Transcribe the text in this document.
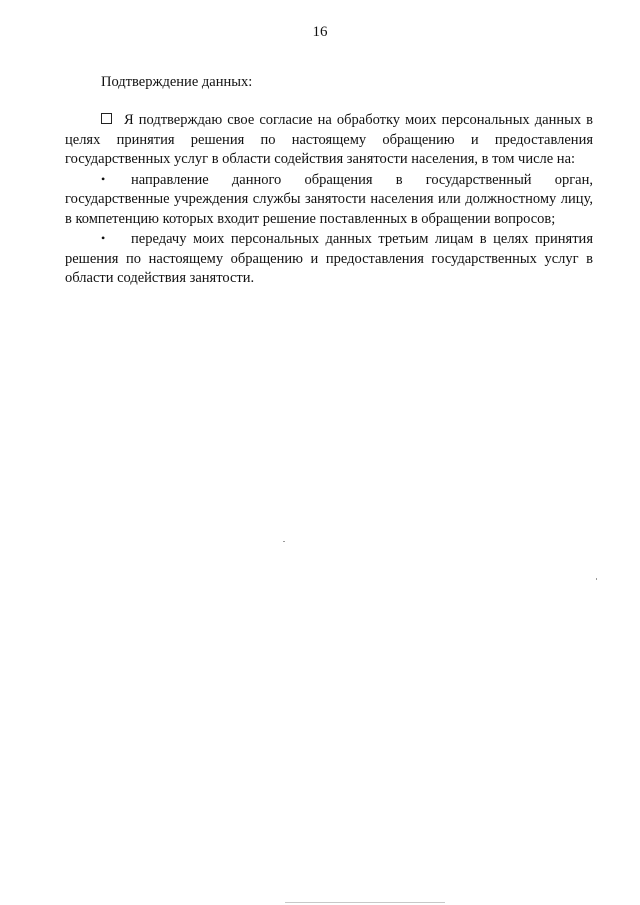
16
Подтверждение данных:

Я подтверждаю свое согласие на обработку моих персональных данных в целях принятия решения по настоящему обращению и предоставления государственных услуг в области содействия занятости населения, в том числе на:

• направление данного обращения в государственный орган, государственные учреждения службы занятости населения или должностному лицу, в компетенцию которых входит решение поставленных в обращении вопросов;

• передачу моих персональных данных третьим лицам в целях принятия решения по настоящему обращению и предоставления государственных услуг в области содействия занятости.
